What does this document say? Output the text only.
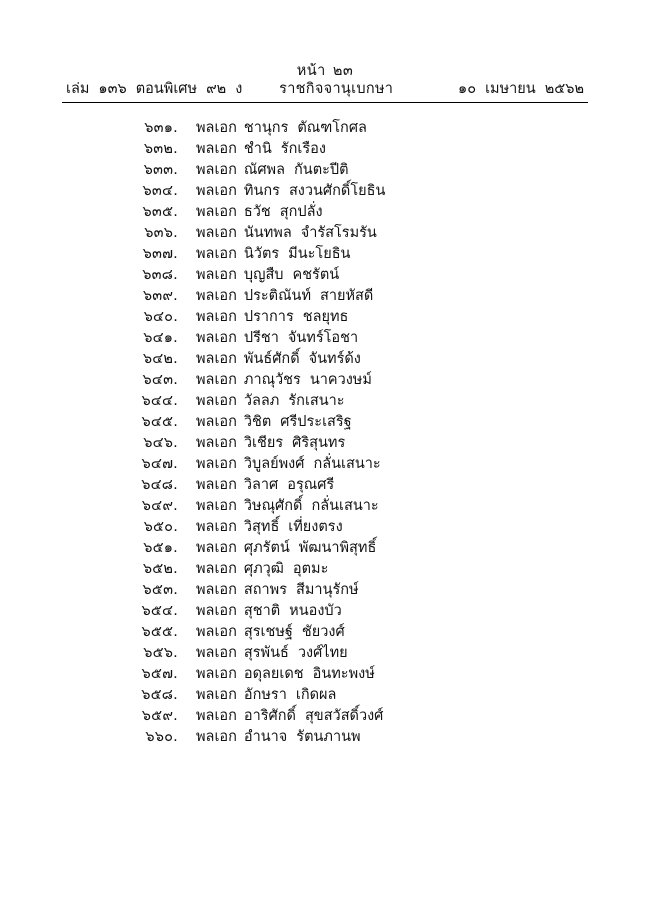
หน้า ๒๓
เล่ม ๑๓๖ ตอนพิเศษ ๙๒ ง	ราชกิจจานุเบกษา	๑๐ เมษายน ๒๕๖๒
๖๓๑.	พลเอก ชานุกร ตัณฑโกศล
๖๓๒.	พลเอก ชำนิ รักเรือง
๖๓๓.	พลเอก ณัศพล กันตะปีติ
๖๓๔.	พลเอก ทินกร สงวนศักดิ์โยธิน
๖๓๕.	พลเอก ธวัช สุกปลั่ง
๖๓๖.	พลเอก นันทพล จำรัสโรมรัน
๖๓๗.	พลเอก นิวัตร มีนะโยธิน
๖๓๘.	พลเอก บุญสืบ คชรัตน์
๖๓๙.	พลเอก ประติณันท์ สายหัสดี
๖๔๐.	พลเอก ปราการ ชลยุทธ
๖๔๑.	พลเอก ปรีชา จันทร์โอชา
๖๔๒.	พลเอก พันธ์ศักดิ์ จันทร์ด้ง
๖๔๓.	พลเอก ภาณุวัชร นาควงษม์
๖๔๔.	พลเอก วัลลภ รักเสนาะ
๖๔๕.	พลเอก วิชิต ศรีประเสริฐ
๖๔๖.	พลเอก วิเชียร ศิริสุนทร
๖๔๗.	พลเอก วิบูลย์พงศ์ กลั่นเสนาะ
๖๔๘.	พลเอก วิลาศ อรุณศรี
๖๔๙.	พลเอก วิษณุศักดิ์ กลั่นเสนาะ
๖๕๐.	พลเอก วิสุทธิ์ เที่ยงตรง
๖๕๑.	พลเอก ศุภรัตน์ พัฒนาพิสุทธิ์
๖๕๒.	พลเอก ศุภวุฒิ อุตมะ
๖๕๓.	พลเอก สถาพร สีมานุรักษ์
๖๕๔.	พลเอก สุชาติ หนองบัว
๖๕๕.	พลเอก สุรเชษฐ์ ชัยวงศ์
๖๕๖.	พลเอก สุรพันธ์ วงศ์ไทย
๖๕๗.	พลเอก อดุลยเดช อินทะพงษ์
๖๕๘.	พลเอก อักษรา เกิดผล
๖๕๙.	พลเอก อาริศักดิ์ สุขสวัสดิ์วงศ์
๖๖๐.	พลเอก อำนาจ รัตนภานพ
